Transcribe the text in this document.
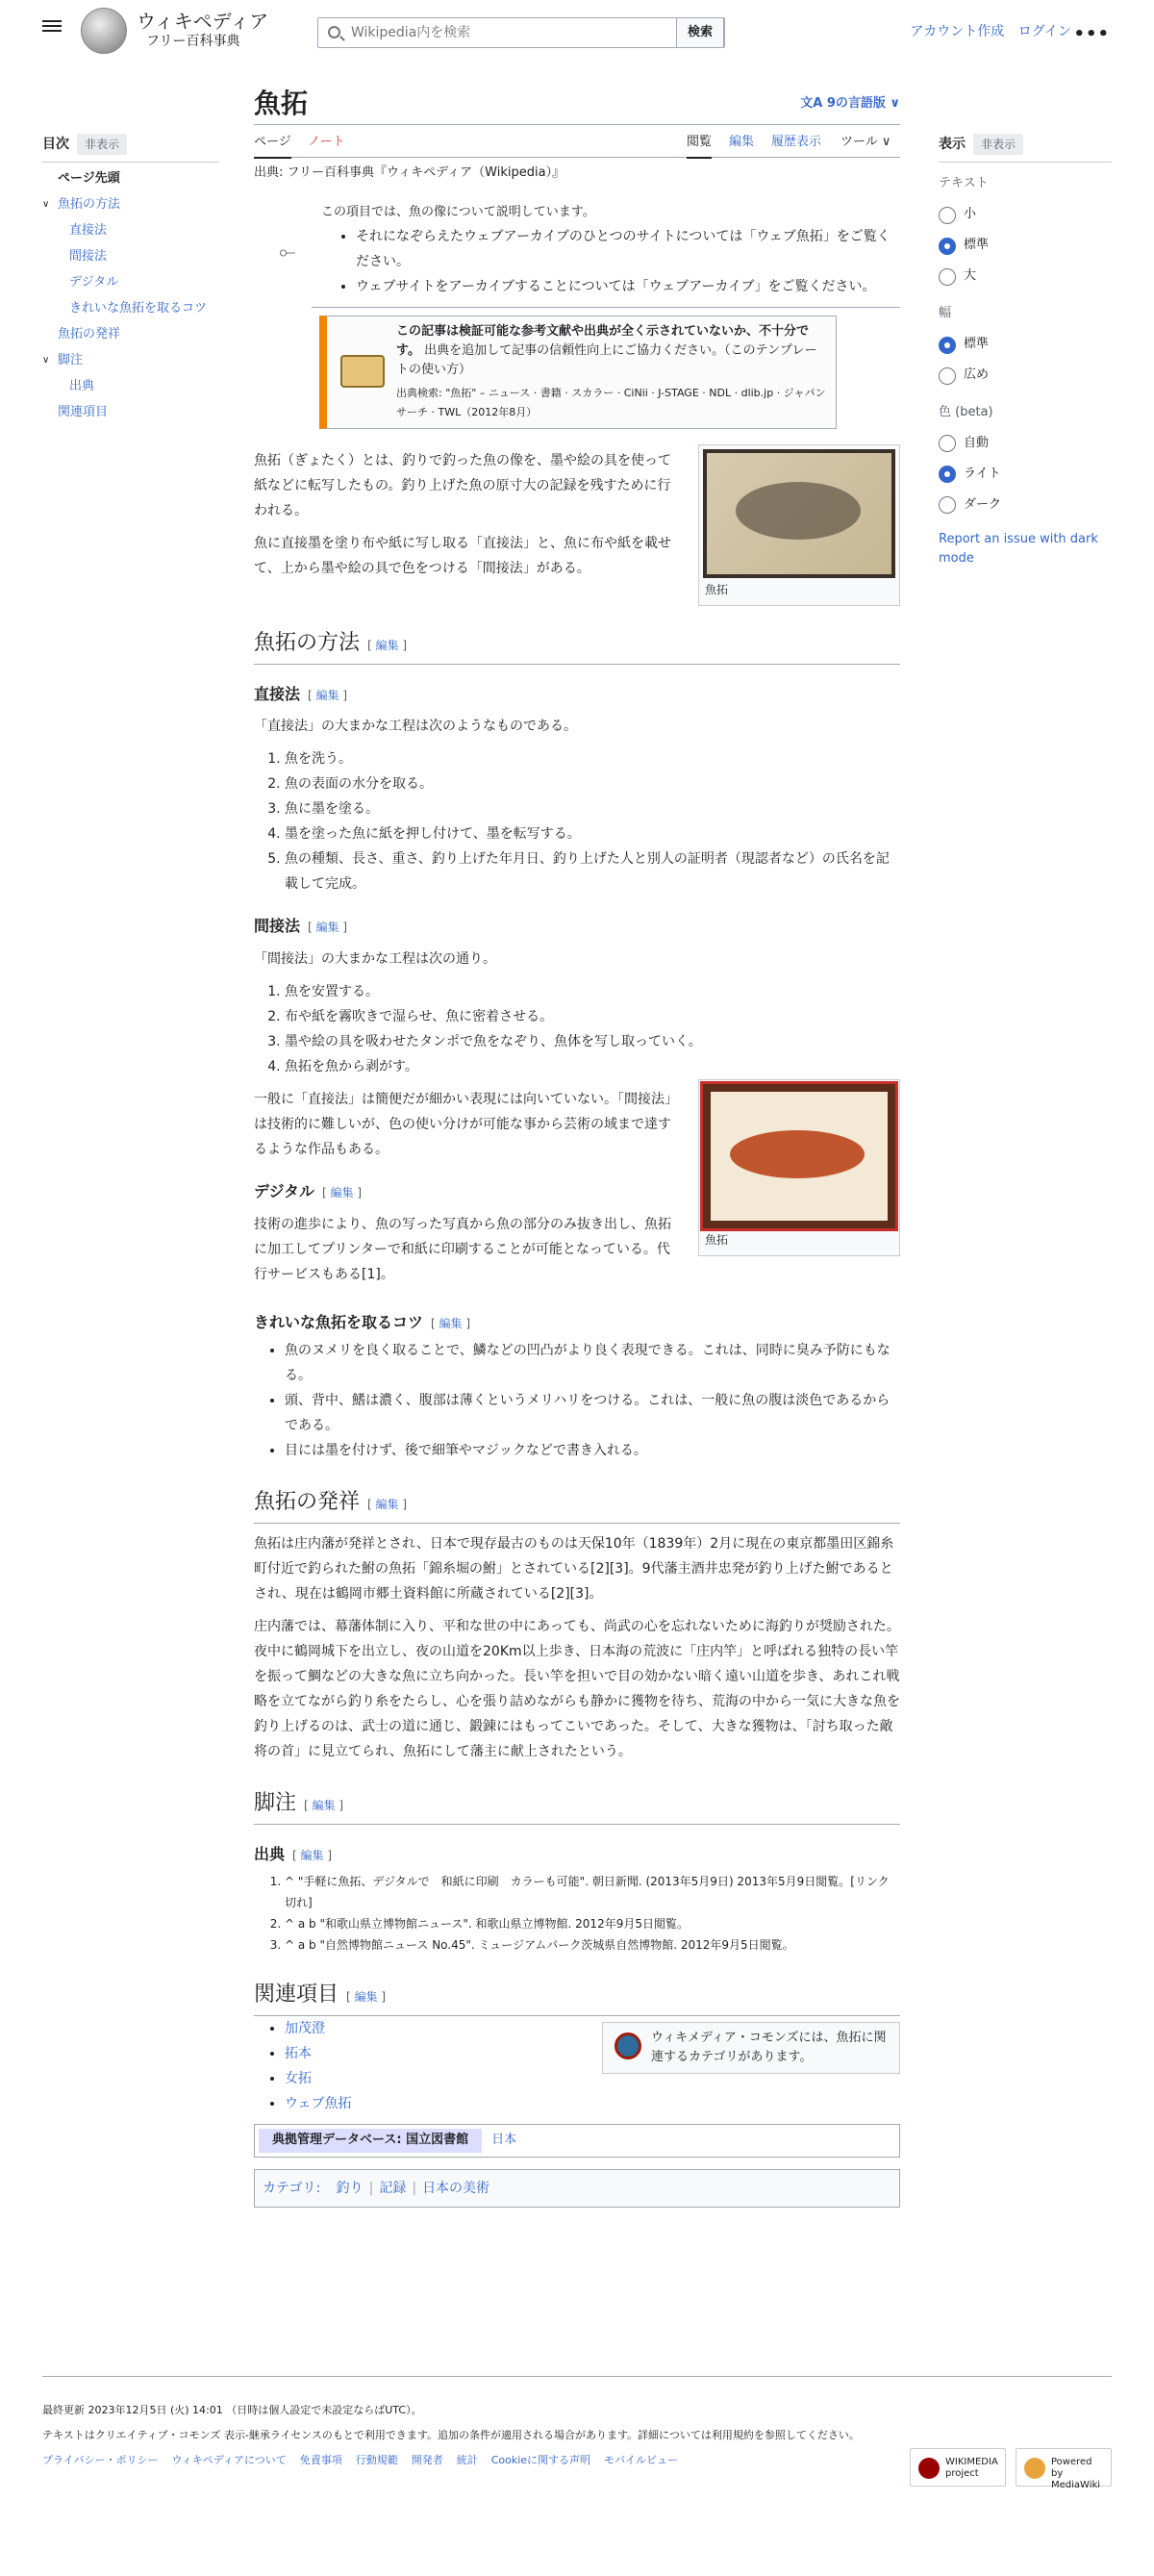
ウィキペディア
フリー百科事典
Wikipedia内を検索
検索	アカウント作成 ログイン •••
目次	非表示
ページ先頭
∨ 魚拓の方法
直接法
間接法
デジタル
きれいな魚拓を取るコツ
魚拓の発祥
∨ 脚注
出典
関連項目
表示	非表示
テキスト
小
標準
大
幅
標準
広め
色 (beta)
自動
ライト
ダーク
Report an issue with dark mode
魚拓	文A 9の言語版 ∨
ページ ノート	閲覧 編集 履歴表示 ツール ∨
出典: フリー百科事典『ウィキペディア（Wikipedia）』
⟜
この項目では、魚の像について説明しています。
• それになぞらえたウェブアーカイブのひとつのサイトについては「ウェブ魚拓」をご覧ください。
• ウェブサイトをアーカイブすることについては「ウェブアーカイブ」をご覧ください。
この記事は検証可能な参考文献や出典が全く示されていないか、不十分です。 出典を追加して記事の信頼性向上にご協力ください。（このテンプレートの使い方）
出典検索: "魚拓" – ニュース · 書籍 · スカラー · CiNii · J-STAGE · NDL · dlib.jp · ジャパンサーチ · TWL（2012年8月）
魚拓

魚拓（ぎょたく）とは、釣りで釣った魚の像を、墨や絵の具を使って紙などに転写したもの。釣り上げた魚の原寸大の記録を残すために行われる。

魚に直接墨を塗り布や紙に写し取る「直接法」と、魚に布や紙を載せて、上から墨や絵の具で色をつける「間接法」がある。

魚拓の方法 [ 編集 ]
直接法 [ 編集 ]

「直接法」の大まかな工程は次のようなものである。

1. 魚を洗う。
2. 魚の表面の水分を取る。
3. 魚に墨を塗る。
4. 墨を塗った魚に紙を押し付けて、墨を転写する。
5. 魚の種類、長さ、重さ、釣り上げた年月日、釣り上げた人と別人の証明者（現認者など）の氏名を記載して完成。
間接法 [ 編集 ]

「間接法」の大まかな工程は次の通り。

1. 魚を安置する。
2. 布や紙を霧吹きで湿らせ、魚に密着させる。
3. 墨や絵の具を吸わせたタンポで魚をなぞり、魚体を写し取っていく。
4. 魚拓を魚から剥がす。
魚拓

一般に「直接法」は簡便だが細かい表現には向いていない。「間接法」は技術的に難しいが、色の使い分けが可能な事から芸術の域まで達するような作品もある。

デジタル [ 編集 ]

技術の進歩により、魚の写った写真から魚の部分のみ抜き出し、魚拓に加工してプリンターで和紙に印刷することが可能となっている。代行サービスもある[1]。

きれいな魚拓を取るコツ [ 編集 ]
• 魚のヌメリを良く取ることで、鱗などの凹凸がより良く表現できる。これは、同時に臭み予防にもなる。
• 頭、背中、鰭は濃く、腹部は薄くというメリハリをつける。これは、一般に魚の腹は淡色であるからである。
• 目には墨を付けず、後で細筆やマジックなどで書き入れる。
魚拓の発祥 [ 編集 ]

魚拓は庄内藩が発祥とされ、日本で現存最古のものは天保10年（1839年）2月に現在の東京都墨田区錦糸町付近で釣られた鮒の魚拓「錦糸堀の鮒」とされている[2][3]。9代藩主酒井忠発が釣り上げた鮒であるとされ、現在は鶴岡市郷土資料館に所蔵されている[2][3]。

庄内藩では、幕藩体制に入り、平和な世の中にあっても、尚武の心を忘れないために海釣りが奨励された。夜中に鶴岡城下を出立し、夜の山道を20Km以上歩き、日本海の荒波に「庄内竿」と呼ばれる独特の長い竿を振って鯛などの大きな魚に立ち向かった。長い竿を担いで目の効かない暗く遠い山道を歩き、あれこれ戦略を立てながら釣り糸をたらし、心を張り詰めながらも静かに獲物を待ち、荒海の中から一気に大きな魚を釣り上げるのは、武士の道に通じ、鍛錬にはもってこいであった。そして、大きな獲物は、「討ち取った敵将の首」に見立てられ、魚拓にして藩主に献上されたという。

脚注 [ 編集 ]
出典 [ 編集 ]
1. ^ "手軽に魚拓、デジタルで　和紙に印刷　カラーも可能". 朝日新聞. (2013年5月9日) 2013年5月9日閲覧。[リンク切れ]
2. ^ a b "和歌山県立博物館ニュース". 和歌山県立博物館. 2012年9月5日閲覧。
3. ^ a b "自然博物館ニュース No.45". ミュージアムパーク茨城県自然博物館. 2012年9月5日閲覧。
関連項目 [ 編集 ]
ウィキメディア・コモンズには、魚拓に関連するカテゴリがあります。
• 加茂澄
• 拓本
• 女拓
• ウェブ魚拓
典拠管理データベース: 国立図書館	日本
カテゴリ: 釣り | 記録 | 日本の美術

最終更新 2023年12月5日 (火) 14:01 （日時は個人設定で未設定ならばUTC）。

テキストはクリエイティブ・コモンズ 表示-継承ライセンスのもとで利用できます。追加の条件が適用される場合があります。詳細については利用規約を参照してください。

プライバシー・ポリシー ウィキペディアについて 免責事項 行動規範 開発者 統計 Cookieに関する声明 モバイルビュー	WIKIMEDIA project
Powered by MediaWiki
